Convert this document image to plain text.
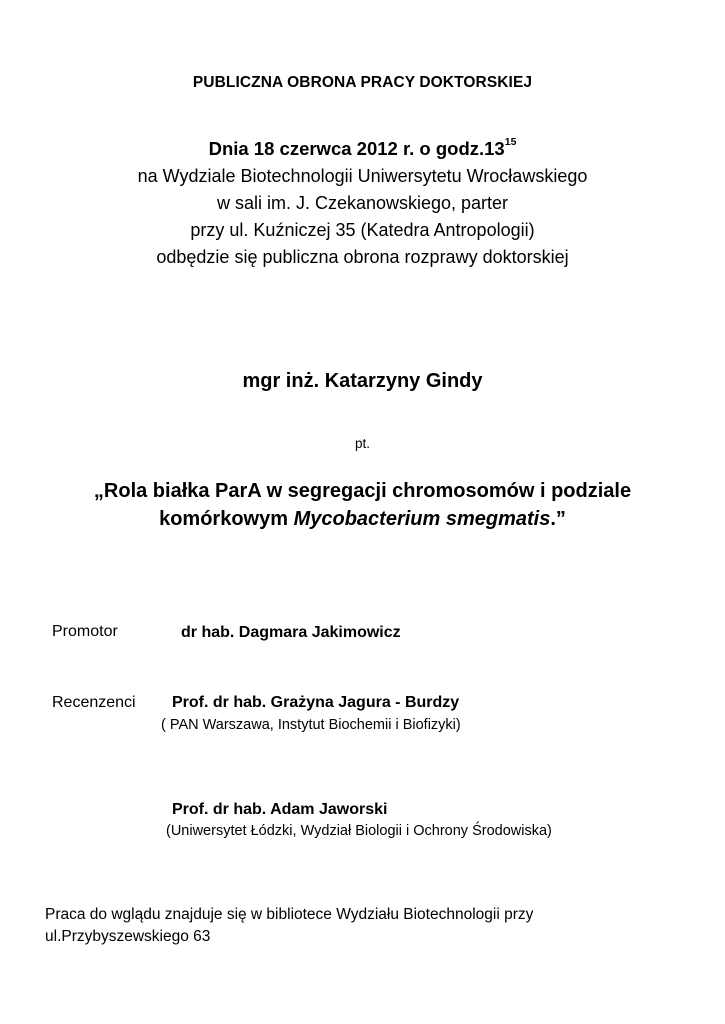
PUBLICZNA OBRONA PRACY DOKTORSKIEJ
Dnia 18 czerwca 2012 r. o $godz.13^{15}$
na Wydziale Biotechnologii Uniwersytetu Wrocławskiego
w sali im. J. Czekanowskiego, parter
przy ul. Kuźniczej 35 (Katedra Antropologii)
odbędzie się publiczna obrona rozprawy doktorskiej
mgr inż. Katarzyny Gindy
pt.
„Rola białka ParA w segregacji chromosomów i podziale
komórkowym Mycobacterium smegmatis.”
Promotor	dr hab. Dagmara Jakimowicz
Recenzenci Prof. dr hab. Grażyna Jagura - Burdzy
( PAN Warszawa, Instytut Biochemii i Biofizyki)
Prof. dr hab. Adam Jaworski
(Uniwersytet Łódzki, Wydział Biologii i Ochrony Środowiska)
Praca do wglądu znajduje się w bibliotece Wydziału Biotechnologii przy
ul.Przybyszewskiego 63
